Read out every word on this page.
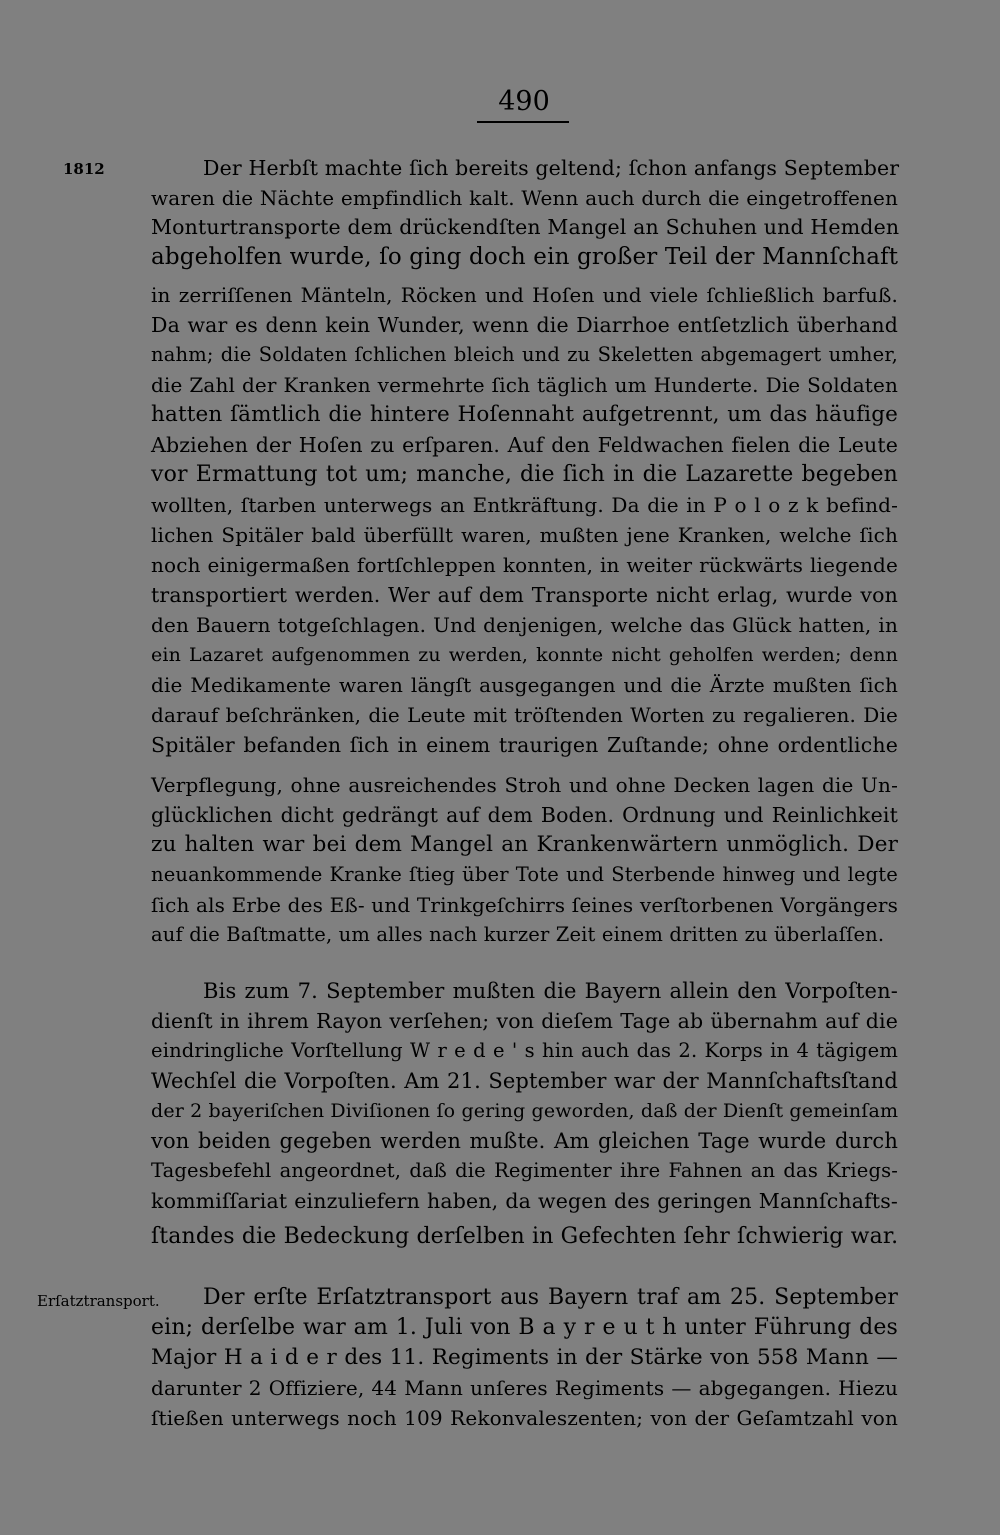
490
1812
Erſatztransport.
Der Herbſt machte ſich bereits geltend; ſchon anfangs September
waren die Nächte empfindlich kalt. Wenn auch durch die eingetroffenen
Monturtransporte dem drückendſten Mangel an Schuhen und Hemden
abgeholfen wurde, ſo ging doch ein großer Teil der Mannſchaft
in zerriſſenen Mänteln, Röcken und Hoſen und viele ſchließlich barfuß.
Da war es denn kein Wunder, wenn die Diarrhoe entſetzlich überhand
nahm; die Soldaten ſchlichen bleich und zu Skeletten abgemagert umher,
die Zahl der Kranken vermehrte ſich täglich um Hunderte. Die Soldaten
hatten ſämtlich die hintere Hoſennaht aufgetrennt, um das häufige
Abziehen der Hoſen zu erſparen. Auf den Feldwachen fielen die Leute
vor Ermattung tot um; manche, die ſich in die Lazarette begeben
wollten, ſtarben unterwegs an Entkräftung. Da die in P o l o z k befind-
lichen Spitäler bald überfüllt waren, mußten jene Kranken, welche ſich
noch einigermaßen fortſchleppen konnten, in weiter rückwärts liegende
transportiert werden. Wer auf dem Transporte nicht erlag, wurde von
den Bauern totgeſchlagen. Und denjenigen, welche das Glück hatten, in
ein Lazaret aufgenommen zu werden, konnte nicht geholfen werden; denn
die Medikamente waren längſt ausgegangen und die Ärzte mußten ſich
darauf beſchränken, die Leute mit tröſtenden Worten zu regalieren. Die
Spitäler befanden ſich in einem traurigen Zuſtande; ohne ordentliche
Verpflegung, ohne ausreichendes Stroh und ohne Decken lagen die Un-
glücklichen dicht gedrängt auf dem Boden. Ordnung und Reinlichkeit
zu halten war bei dem Mangel an Krankenwärtern unmöglich. Der
neuankommende Kranke ſtieg über Tote und Sterbende hinweg und legte
ſich als Erbe des Eß- und Trinkgeſchirrs ſeines verſtorbenen Vorgängers
auf die Baſtmatte, um alles nach kurzer Zeit einem dritten zu überlaſſen.
Bis zum 7. September mußten die Bayern allein den Vorpoſten-
dienſt in ihrem Rayon verſehen; von dieſem Tage ab übernahm auf die
eindringliche Vorſtellung W r e d e ' s hin auch das 2. Korps in 4 tägigem
Wechſel die Vorpoſten. Am 21. September war der Mannſchaftsſtand
der 2 bayeriſchen Diviſionen ſo gering geworden, daß der Dienſt gemeinſam
von beiden gegeben werden mußte. Am gleichen Tage wurde durch
Tagesbefehl angeordnet, daß die Regimenter ihre Fahnen an das Kriegs-
kommiſſariat einzuliefern haben, da wegen des geringen Mannſchafts-
ſtandes die Bedeckung derſelben in Gefechten ſehr ſchwierig war.
Der erſte Erſatztransport aus Bayern traf am 25. September
ein; derſelbe war am 1. Juli von B a y r e u t h unter Führung des
Major H a i d e r des 11. Regiments in der Stärke von 558 Mann —
darunter 2 Offiziere, 44 Mann unſeres Regiments — abgegangen. Hiezu
ſtießen unterwegs noch 109 Rekonvaleszenten; von der Geſamtzahl von
